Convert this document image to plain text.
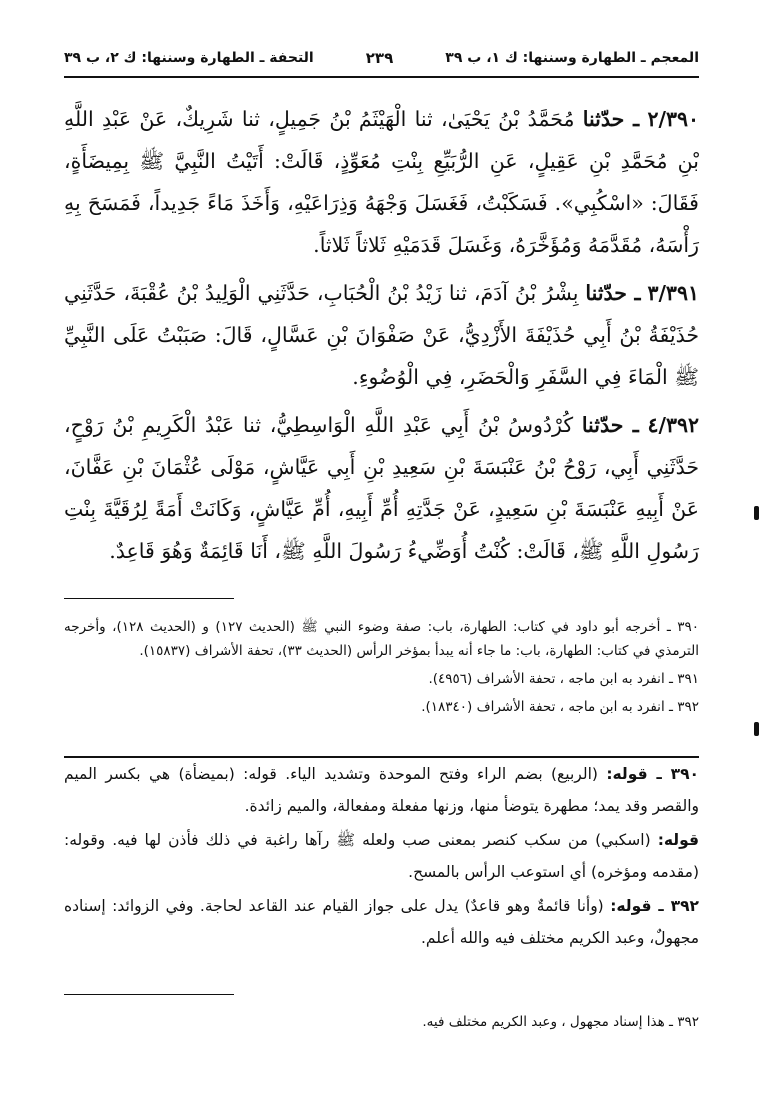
المعجم ـ الطهارة وسننها: ك ١، ب ٣٩
٢٣٩
التحفة ـ الطهارة وسننها: ك ٢، ب ٣٩

٢/٣٩٠ ـ حدّثنا مُحَمَّدُ بْنُ يَحْيَىٰ، ثنا الْهَيْثَمُ بْنُ جَمِيلٍ، ثنا شَرِيكٌ، عَنْ عَبْدِ اللَّهِ بْنِ مُحَمَّدِ بْنِ عَقِيلٍ، عَنِ الرُّبَيِّعِ بِنْتِ مُعَوِّذٍ، قَالَتْ: أَتَيْتُ النَّبِيَّ ﷺ بِمِيضَأَةٍ، فَقَالَ: «اسْكُبِي». فَسَكَبْتُ، فَغَسَلَ وَجْهَهُ وَذِرَاعَيْهِ، وَأَخَذَ مَاءً جَدِيداً، فَمَسَحَ بِهِ رَأْسَهُ، مُقَدَّمَهُ وَمُؤَخَّرَهُ، وَغَسَلَ قَدَمَيْهِ ثَلاثاً ثَلاثاً.

٣/٣٩١ ـ حدّثنا بِشْرُ بْنُ آدَمَ، ثنا زَيْدُ بْنُ الْحُبَابِ، حَدَّثَنِي الْوَلِيدُ بْنُ عُقْبَةَ، حَدَّثَنِي حُذَيْفَةُ بْنُ أَبِي حُذَيْفَةَ الأَزْدِيُّ، عَنْ صَفْوَانَ بْنِ عَسَّالٍ، قَالَ: صَبَبْتُ عَلَى النَّبِيِّ ﷺ الْمَاءَ فِي السَّفَرِ وَالْحَضَرِ، فِي الْوُضُوءِ.

٤/٣٩٢ ـ حدّثنا كُرْدُوسُ بْنُ أَبِي عَبْدِ اللَّهِ الْوَاسِطِيُّ، ثنا عَبْدُ الْكَرِيمِ بْنُ رَوْحٍ، حَدَّثَنِي أَبِي، رَوْحُ بْنُ عَنْبَسَةَ بْنِ سَعِيدِ بْنِ أَبِي عَيَّاشٍ، مَوْلَى عُثْمَانَ بْنِ عَفَّانَ، عَنْ أَبِيهِ عَنْبَسَةَ بْنِ سَعِيدٍ، عَنْ جَدَّتِهِ أُمِّ أَبِيهِ، أُمِّ عَيَّاشٍ، وَكَانَتْ أَمَةً لِرُقَيَّةَ بِنْتِ رَسُولِ اللَّهِ ﷺ، قَالَتْ: كُنْتُ أُوَضِّيءُ رَسُولَ اللَّهِ ﷺ، أَنَا قَائِمَةٌ وَهُوَ قَاعِدٌ.

٣٩٠ ـ أخرجه أبو داود في كتاب: الطهارة، باب: صفة وضوء النبي ﷺ (الحديث ١٢٧) و (الحديث ١٢٨)، وأخرجه الترمذي في كتاب: الطهارة، باب: ما جاء أنه يبدأ بمؤخر الرأس (الحديث ٣٣)، تحفة الأشراف (١٥٨٣٧).

٣٩١ ـ انفرد به ابن ماجه ، تحفة الأشراف (٤٩٥٦).

٣٩٢ ـ انفرد به ابن ماجه ، تحفة الأشراف (١٨٣٤٠).

٣٩٠ ـ قوله: (الربيع) بضم الراء وفتح الموحدة وتشديد الياء. قوله: (بميضأة) هي بكسر الميم والقصر وقد يمد؛ مطهرة يتوضأ منها، وزنها مفعلة ومفعالة، والميم زائدة.

قوله: (اسكبي) من سكب كنصر بمعنى صب ولعله ﷺ رآها راغبة في ذلك فأذن لها فيه. وقوله: (مقدمه ومؤخره) أي استوعب الرأس بالمسح.

٣٩٢ ـ قوله: (وأنا قائمةٌ وهو قاعدٌ) يدل على جواز القيام عند القاعد لحاجة. وفي الزوائد: إسناده مجهولٌ، وعبد الكريم مختلف فيه والله أعلم.

٣٩٢ ـ هذا إسناد مجهول ، وعبد الكريم مختلف فيه.
